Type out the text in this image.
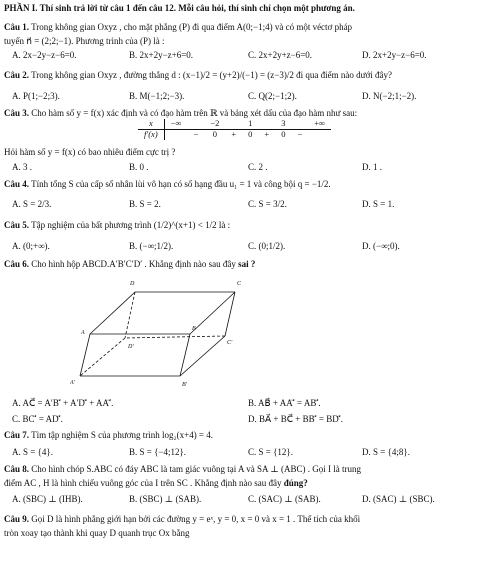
PHẦN I. Thí sinh trả lời từ câu 1 đến câu 12. Mỗi câu hỏi, thí sinh chỉ chọn một phương án.
Câu 1. Trong không gian Oxyz , cho mặt phẳng (P) đi qua điểm A(0;−1;4) và có một véctơ pháp
tuyến n⃗ = (2;2;−1). Phương trình của (P) là :
A. 2x−2y−z−6=0.	B. 2x+2y−z+6=0.	C. 2x+2y+z−6=0.	D. 2x+2y−z−6=0.
Câu 2. Trong không gian Oxyz , đường thẳng d : (x−1)/2 = (y+2)/(−1) = (z−3)/2 đi qua điểm nào dưới đây?
A. P(1;−2;3).	B. M(−1;2;−3).	C. Q(2;−1;2).	D. N(−2;1;−2).
Câu 3. Cho hàm số y = f(x) xác định và có đạo hàm trên ℝ và bảng xét dấu của đạo hàm như sau:
x	−∞		−2		1		3		+∞
f′(x)		−	0	+	0	+	0	−	
Hỏi hàm số y = f(x) có bao nhiêu điểm cực trị ?
A. 3 .	B. 0 .	C. 2 .	D. 1 .
Câu 4. Tính tổng S của cấp số nhân lùi vô hạn có số hạng đầu u₁ = 1 và công bội q = −1/2.
A. S = 2/3.	B. S = 2.	C. S = 3/2.	D. S = 1.
Câu 5. Tập nghiệm của bất phương trình (1/2)^(x+1) < 1/2 là :
A. (0;+∞).	B. (−∞;1/2).	C. (0;1/2).	D. (−∞;0).
Câu 6. Cho hình hộp ABCD.A′B′C′D′ . Khẳng định nào sau đây sai ?
D	C
A
B
D'
C'
A'	B'
A. AC⃗ = A′B′⃗ + A′D′⃗ + AA′⃗.	B. AB⃗ + AA′⃗ = AB′⃗.
C. BC′⃗ = AD′⃗.	D. BA⃗ + BC⃗ + BB′⃗ = BD′⃗.
Câu 7. Tìm tập nghiệm S của phương trình log₂(x+4) = 4.
A. S = {4}.	B. S = {−4;12}.	C. S = {12}.	D. S = {4;8}.
Câu 8. Cho hình chóp S.ABC có đáy ABC là tam giác vuông tại A và SA ⊥ (ABC) . Gọi I là trung
điểm AC , H là hình chiếu vuông góc của I trên SC . Khẳng định nào sau đây đúng?
A. (SBC) ⊥ (IHB).	B. (SBC) ⊥ (SAB).	C. (SAC) ⊥ (SAB).	D. (SAC) ⊥ (SBC).
Câu 9. Gọi D là hình phẳng giới hạn bởi các đường y = eˣ, y = 0, x = 0 và x = 1 . Thể tích của khối
tròn xoay tạo thành khi quay D quanh trục Ox bằng
